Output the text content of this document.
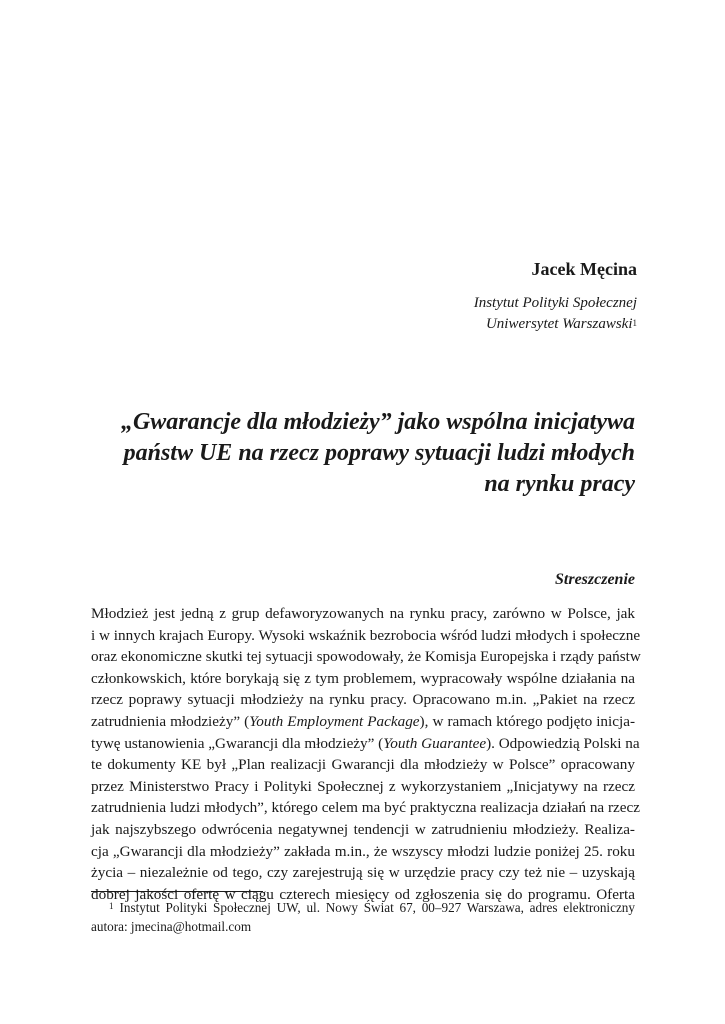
Jacek Męcina
Instytut Polityki Społecznej
Uniwersytet Warszawski$^1$
„Gwarancje dla młodzieży” jako wspólna inicjatywa
państw UE na rzecz poprawy sytuacji ludzi młodych
na rynku pracy
Streszczenie
Młodzież jest jedną z grup defaworyzowanych na rynku pracy, zarówno w Polsce, jak
i w innych krajach Europy. Wysoki wskaźnik bezrobocia wśród ludzi młodych i społeczne
oraz ekonomiczne skutki tej sytuacji spowodowały, że Komisja Europejska i rządy państw
członkowskich, które borykają się z tym problemem, wypracowały wspólne działania na
rzecz poprawy sytuacji młodzieży na rynku pracy. Opracowano m.in. „Pakiet na rzecz
zatrudnienia młodzieży” (Youth Employment Package), w ramach którego podjęto inicja-
tywę ustanowienia „Gwarancji dla młodzieży” (Youth Guarantee). Odpowiedzią Polski na
te dokumenty KE był „Plan realizacji Gwarancji dla młodzieży w Polsce” opracowany
przez Ministerstwo Pracy i Polityki Społecznej z wykorzystaniem „Inicjatywy na rzecz
zatrudnienia ludzi młodych”, którego celem ma być praktyczna realizacja działań na rzecz
jak najszybszego odwrócenia negatywnej tendencji w zatrudnieniu młodzieży. Realiza-
cja „Gwarancji dla młodzieży” zakłada m.in., że wszyscy młodzi ludzie poniżej 25. roku
życia – niezależnie od tego, czy zarejestrują się w urzędzie pracy czy też nie – uzyskają
dobrej jakości ofertę w ciągu czterech miesięcy od zgłoszenia się do programu. Oferta
$^1$ Instytut Polityki Społecznej UW, ul. Nowy Świat 67, 00–927 Warszawa, adres elektroniczny
autora: jmecina@hotmail.com
